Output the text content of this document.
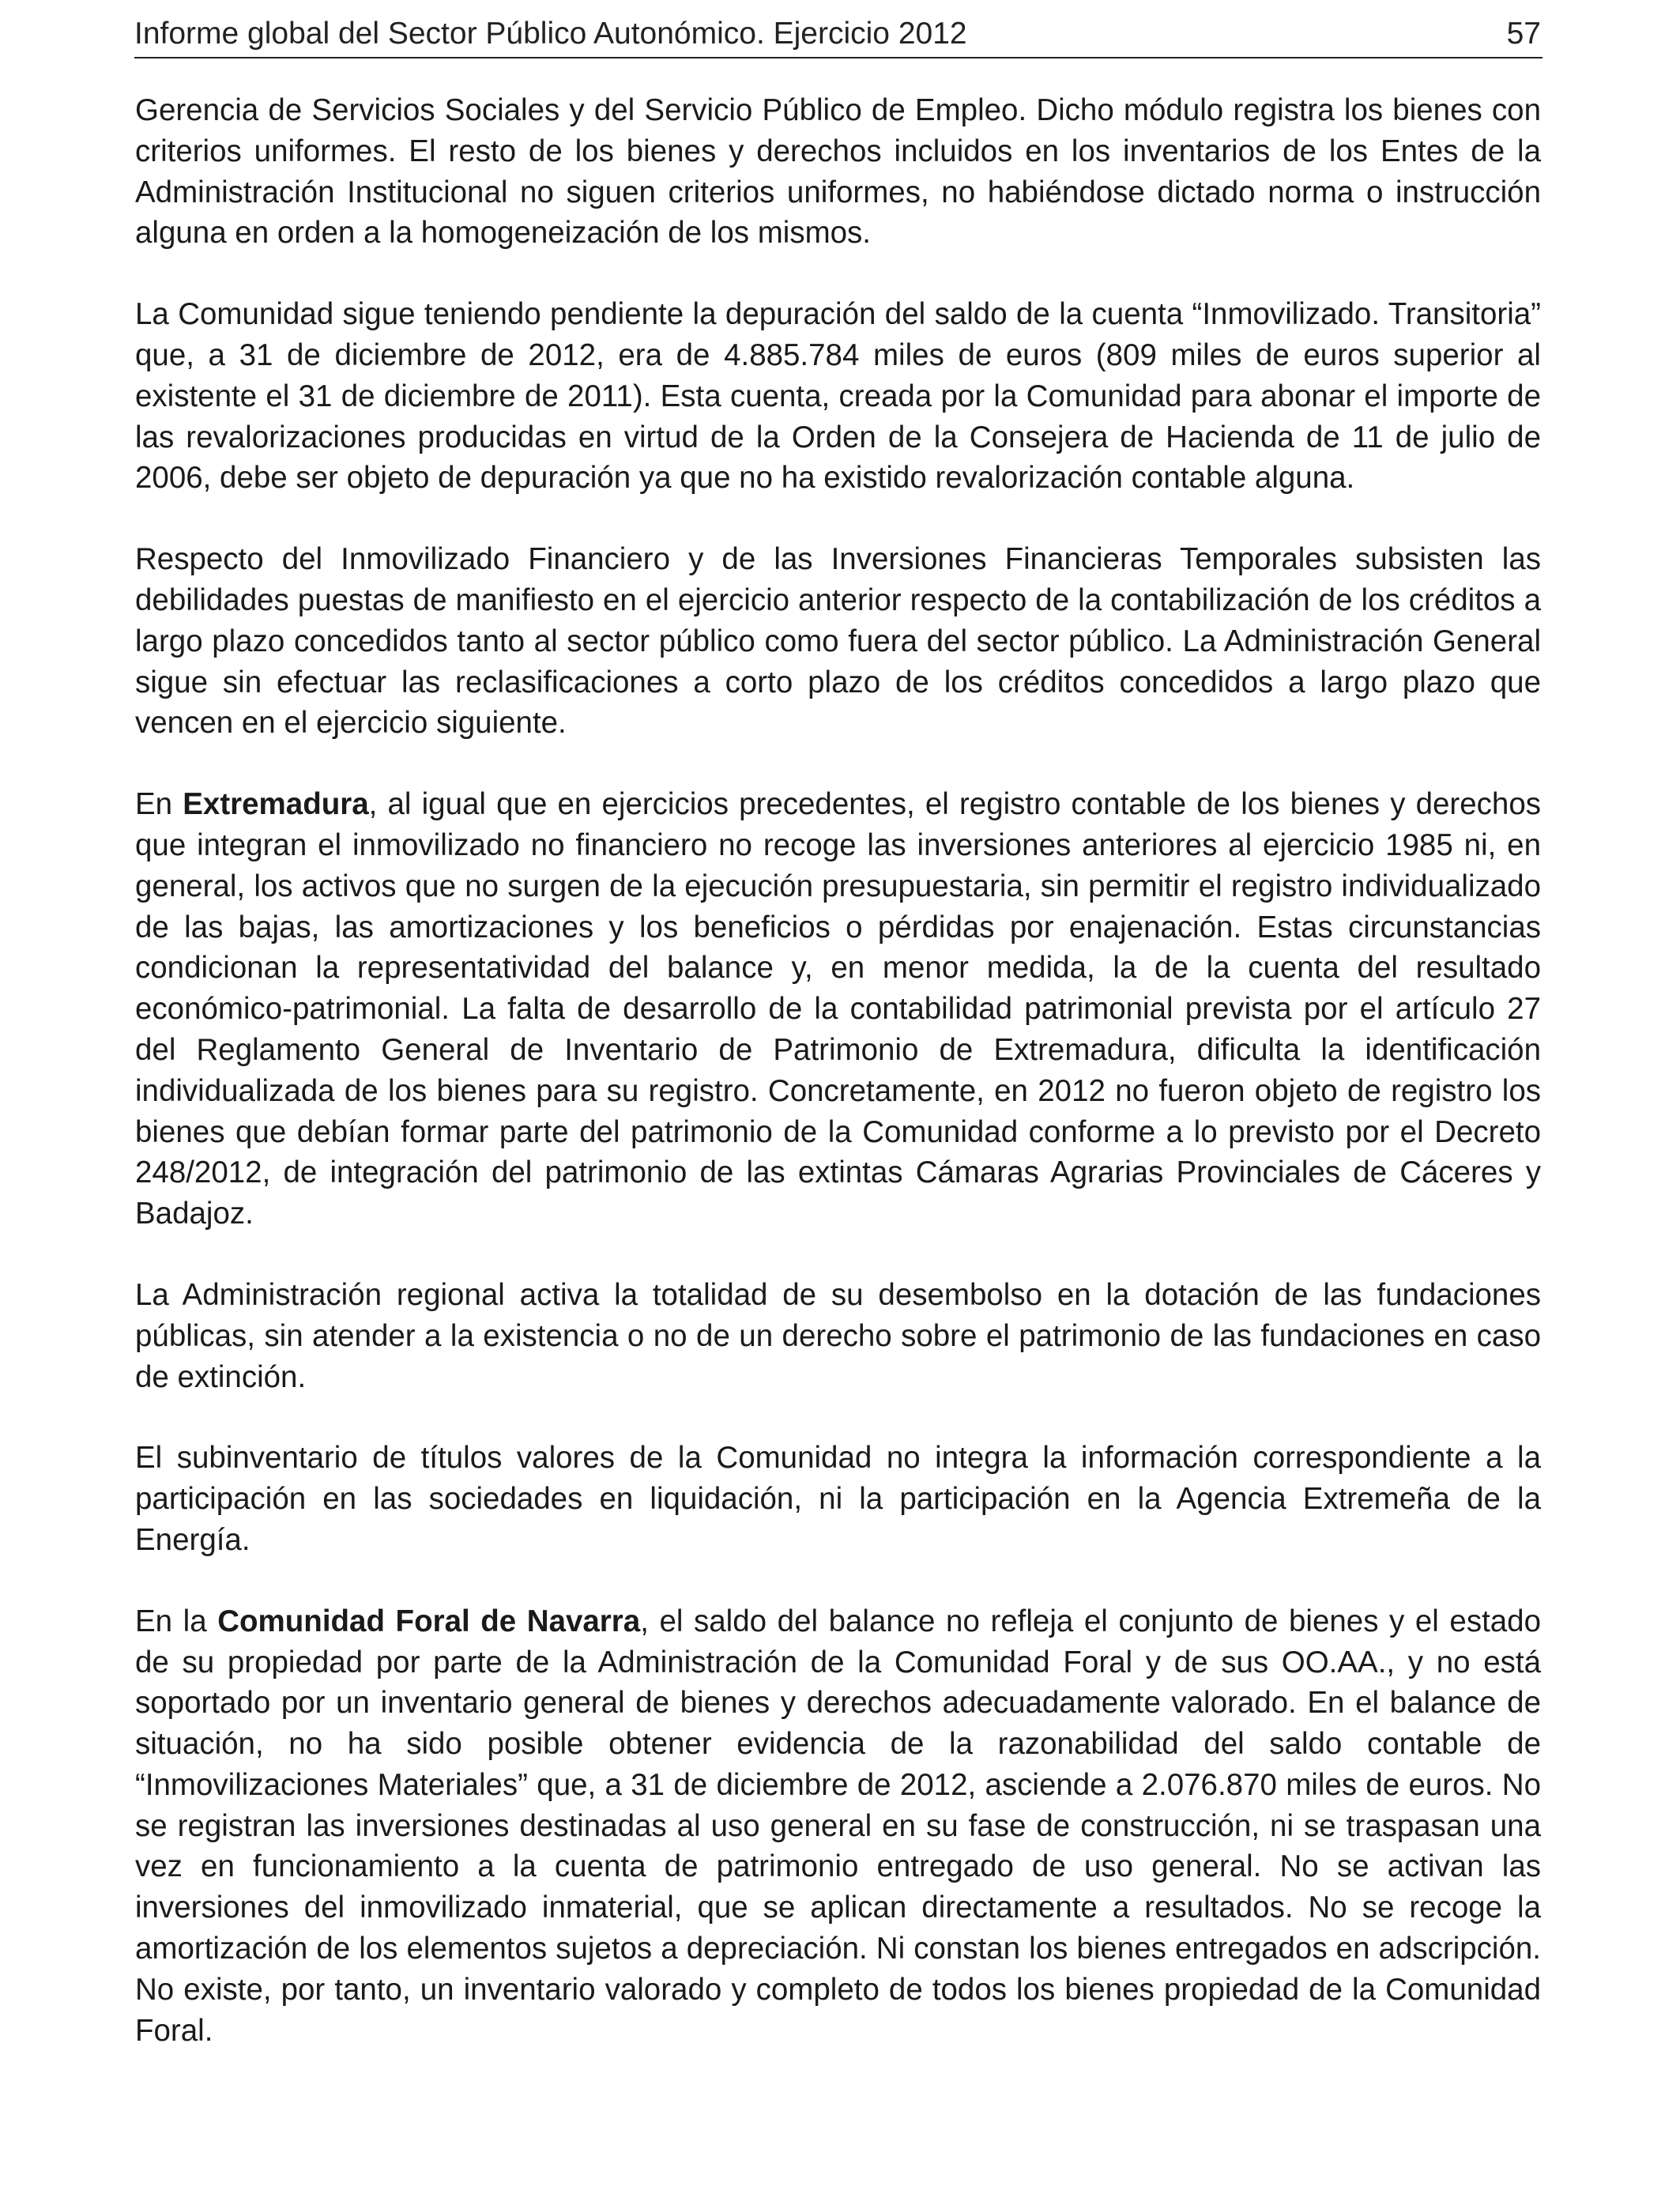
Informe global del Sector Público Autonómico. Ejercicio 2012	57

Gerencia de Servicios Sociales y del Servicio Público de Empleo. Dicho módulo registra los bienes con criterios uniformes. El resto de los bienes y derechos incluidos en los inventarios de los Entes de la Administración Institucional no siguen criterios uniformes, no habiéndose dictado norma o instrucción alguna en orden a la homogeneización de los mismos.

La Comunidad sigue teniendo pendiente la depuración del saldo de la cuenta “Inmovilizado. Transitoria” que, a 31 de diciembre de 2012, era de 4.885.784 miles de euros (809 miles de euros superior al existente el 31 de diciembre de 2011). Esta cuenta, creada por la Comunidad para abonar el importe de las revalorizaciones producidas en virtud de la Orden de la Consejera de Hacienda de 11 de julio de 2006, debe ser objeto de depuración ya que no ha existido revalorización contable alguna.

Respecto del Inmovilizado Financiero y de las Inversiones Financieras Temporales subsisten las debilidades puestas de manifiesto en el ejercicio anterior respecto de la contabilización de los créditos a largo plazo concedidos tanto al sector público como fuera del sector público. La Administración General sigue sin efectuar las reclasificaciones a corto plazo de los créditos concedidos a largo plazo que vencen en el ejercicio siguiente.

En Extremadura, al igual que en ejercicios precedentes, el registro contable de los bienes y derechos que integran el inmovilizado no financiero no recoge las inversiones anteriores al ejercicio 1985 ni, en general, los activos que no surgen de la ejecución presupuestaria, sin permitir el registro individualizado de las bajas, las amortizaciones y los beneficios o pérdidas por enajenación. Estas circunstancias condicionan la representatividad del balance y, en menor medida, la de la cuenta del resultado económico-patrimonial. La falta de desarrollo de la contabilidad patrimonial prevista por el artículo 27 del Reglamento General de Inventario de Patrimonio de Extremadura, dificulta la identificación individualizada de los bienes para su registro. Concretamente, en 2012 no fueron objeto de registro los bienes que debían formar parte del patrimonio de la Comunidad conforme a lo previsto por el Decreto 248/2012, de integración del patrimonio de las extintas Cámaras Agrarias Provinciales de Cáceres y Badajoz.

La Administración regional activa la totalidad de su desembolso en la dotación de las fundaciones públicas, sin atender a la existencia o no de un derecho sobre el patrimonio de las fundaciones en caso de extinción.

El subinventario de títulos valores de la Comunidad no integra la información correspondiente a la participación en las sociedades en liquidación, ni la participación en la Agencia Extremeña de la Energía.

En la Comunidad Foral de Navarra, el saldo del balance no refleja el conjunto de bienes y el estado de su propiedad por parte de la Administración de la Comunidad Foral y de sus OO.AA., y no está soportado por un inventario general de bienes y derechos adecuadamente valorado. En el balance de situación, no ha sido posible obtener evidencia de la razonabilidad del saldo contable de “Inmovilizaciones Materiales” que, a 31 de diciembre de 2012, asciende a 2.076.870 miles de euros. No se registran las inversiones destinadas al uso general en su fase de construcción, ni se traspasan una vez en funcionamiento a la cuenta de patrimonio entregado de uso general. No se activan las inversiones del inmovilizado inmaterial, que se aplican directamente a resultados. No se recoge la amortización de los elementos sujetos a depreciación. Ni constan los bienes entregados en adscripción. No existe, por tanto, un inventario valorado y completo de todos los bienes propiedad de la Comunidad Foral.
